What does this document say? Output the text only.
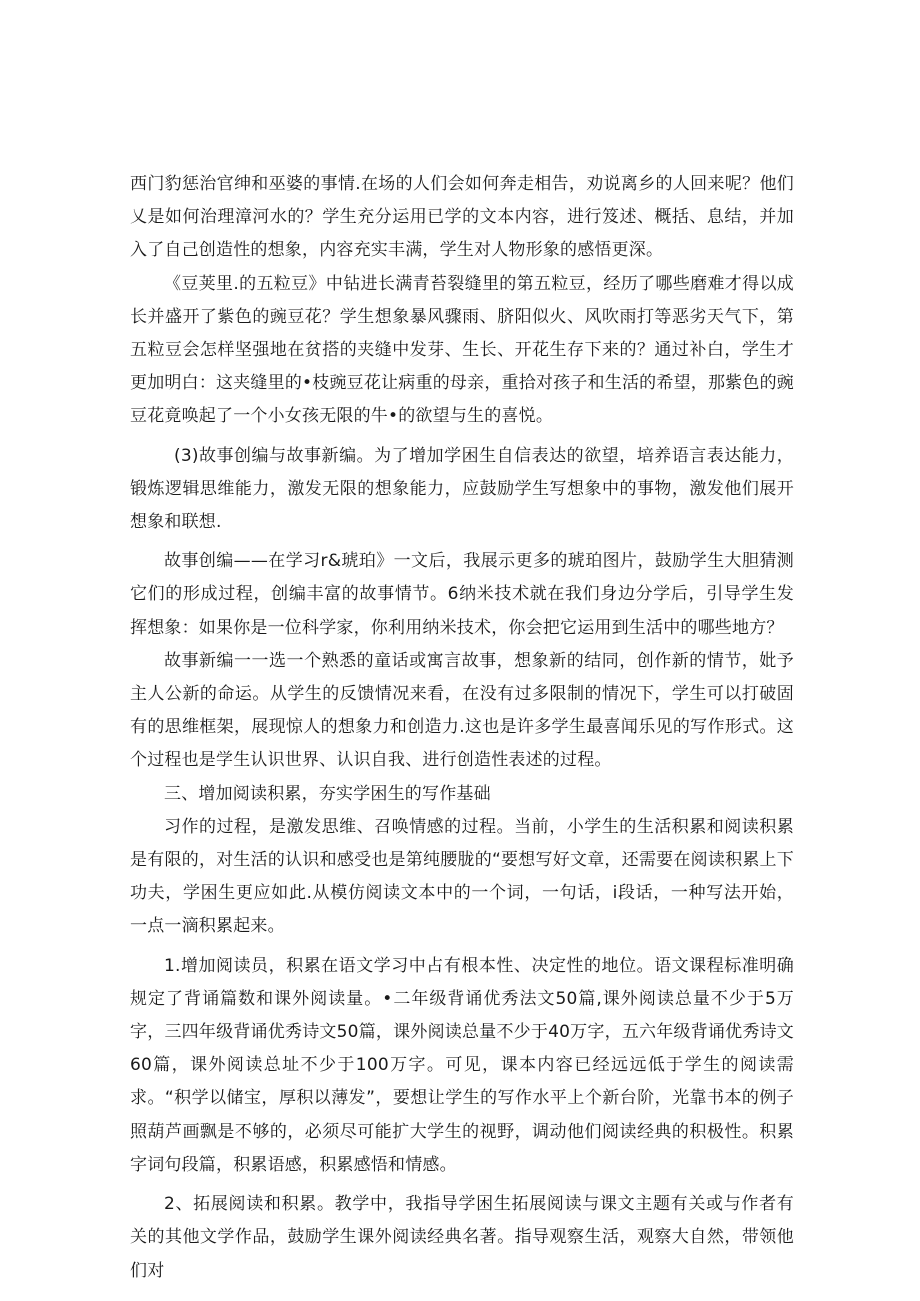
西门豹惩治官绅和巫婆的事情.在场的人们会如何奔走相告，劝说离乡的人回来呢？他们乂是如何治理漳河水的？学生充分运用已学的文本内容，进行笈述、概括、息结，并加入了自己创造性的想象，内容充实丰满，学生对人物形象的感悟更深。

《豆荚里.的五粒豆》中钻进长满青苔裂缝里的第五粒豆，经历了哪些磨难才得以成长并盛开了紫色的豌豆花？学生想象暴风骤雨、脐阳似火、风吹雨打等恶劣天气下，第五粒豆会怎样坚强地在贫搭的夹缝中发芽、生长、开花生存下来的？通过补白，学生才更加明白：这夹缝里的•枝豌豆花让病重的母亲，重拾对孩子和生活的希望，那紫色的豌豆花竟唤起了一个小女孩无限的牛•的欲望与生的喜悦。

(3)故事创编与故事新编。为了增加学困生自信表达的欲望，培养语言表达能力，锻炼逻辑思维能力，激发无限的想象能力，应鼓励学生写想象中的事物，激发他们展开想象和联想.

故事创编——在学习r&琥珀》一文后，我展示更多的琥珀图片，鼓励学生大胆猜测它们的形成过程，创编丰富的故事情节。6纳米技术就在我们身边分学后，引导学生发挥想象：如果你是一位科学家，你利用纳米技术，你会把它运用到生活中的哪些地方？

故事新编一一选一个熟悉的童话或寓言故事，想象新的结同，创作新的情节，妣予主人公新的命运。从学生的反馈情况来看，在没有过多限制的情况下，学生可以打破固有的思维框架，展现惊人的想象力和创造力.这也是许多学生最喜闻乐见的写作形式。这个过程也是学生认识世界、认识自我、进行创造性表述的过程。

三、增加阅读积累，夯实学困生的写作基础

习作的过程，是激发思维、召唤情感的过程。当前，小学生的生活积累和阅读积累是有限的，对生活的认识和感受也是第纯腰胧的“要想写好文章，还需要在阅读积累上下功夫，学困生更应如此.从模仿阅读文本中的一个词，一句话，i段话，一种写法开始，一点一滴积累起来。

1.增加阅读员，积累在语文学习中占有根本性、决定性的地位。语文课程标准明确规定了背诵篇数和课外阅读量。•二年级背诵优秀法文50篇,课外阅读总量不少于5万字，三四年级背诵优秀诗文50篇，课外阅读总量不少于40万字，五六年级背诵优秀诗文60篇，课外阅读总址不少于100万字。可见，课本内容已经远远低于学生的阅读需求。“积学以储宝，厚积以薄发”，要想让学生的写作水平上个新台阶，光靠书本的例子照葫芦画飘是不够的，必须尽可能扩大学生的视野，调动他们阅读经典的积极性。积累字词句段篇，积累语感，积累感悟和情感。

2、拓展阅读和积累。教学中，我指导学困生拓展阅读与课文主题有关或与作者有关的其他文学作品，鼓励学生课外阅读经典名著。指导观察生活，观察大自然，带领他们对
